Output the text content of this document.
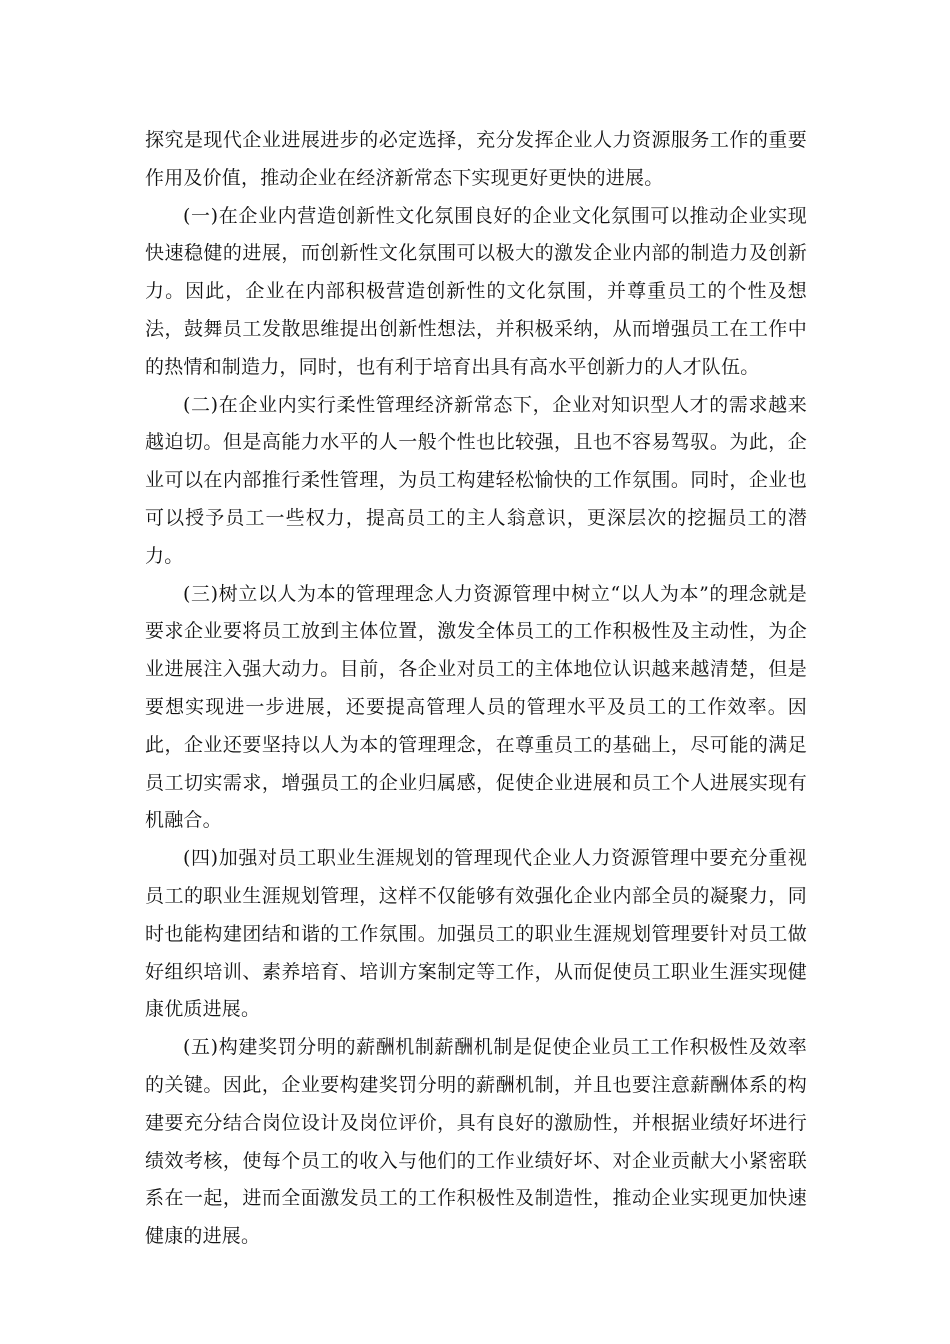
探究是现代企业进展进步的必定选择，充分发挥企业人力资源服务工作的重要作用及价值，推动企业在经济新常态下实现更好更快的进展。

(一)在企业内营造创新性文化氛围良好的企业文化氛围可以推动企业实现快速稳健的进展，而创新性文化氛围可以极大的激发企业内部的制造力及创新力。因此，企业在内部积极营造创新性的文化氛围，并尊重员工的个性及想法，鼓舞员工发散思维提出创新性想法，并积极采纳，从而增强员工在工作中的热情和制造力，同时，也有利于培育出具有高水平创新力的人才队伍。

(二)在企业内实行柔性管理经济新常态下，企业对知识型人才的需求越来越迫切。但是高能力水平的人一般个性也比较强，且也不容易驾驭。为此，企业可以在内部推行柔性管理，为员工构建轻松愉快的工作氛围。同时，企业也可以授予员工一些权力，提高员工的主人翁意识，更深层次的挖掘员工的潜力。

(三)树立以人为本的管理理念人力资源管理中树立“以人为本”的理念就是要求企业要将员工放到主体位置，激发全体员工的工作积极性及主动性，为企业进展注入强大动力。目前，各企业对员工的主体地位认识越来越清楚，但是要想实现进一步进展，还要提高管理人员的管理水平及员工的工作效率。因此，企业还要坚持以人为本的管理理念，在尊重员工的基础上，尽可能的满足员工切实需求，增强员工的企业归属感，促使企业进展和员工个人进展实现有机融合。

(四)加强对员工职业生涯规划的管理现代企业人力资源管理中要充分重视员工的职业生涯规划管理，这样不仅能够有效强化企业内部全员的凝聚力，同时也能构建团结和谐的工作氛围。加强员工的职业生涯规划管理要针对员工做好组织培训、素养培育、培训方案制定等工作，从而促使员工职业生涯实现健康优质进展。

(五)构建奖罚分明的薪酬机制薪酬机制是促使企业员工工作积极性及效率的关键。因此，企业要构建奖罚分明的薪酬机制，并且也要注意薪酬体系的构建要充分结合岗位设计及岗位评价，具有良好的激励性，并根据业绩好坏进行绩效考核，使每个员工的收入与他们的工作业绩好坏、对企业贡献大小紧密联系在一起，进而全面激发员工的工作积极性及制造性，推动企业实现更加快速健康的进展。
